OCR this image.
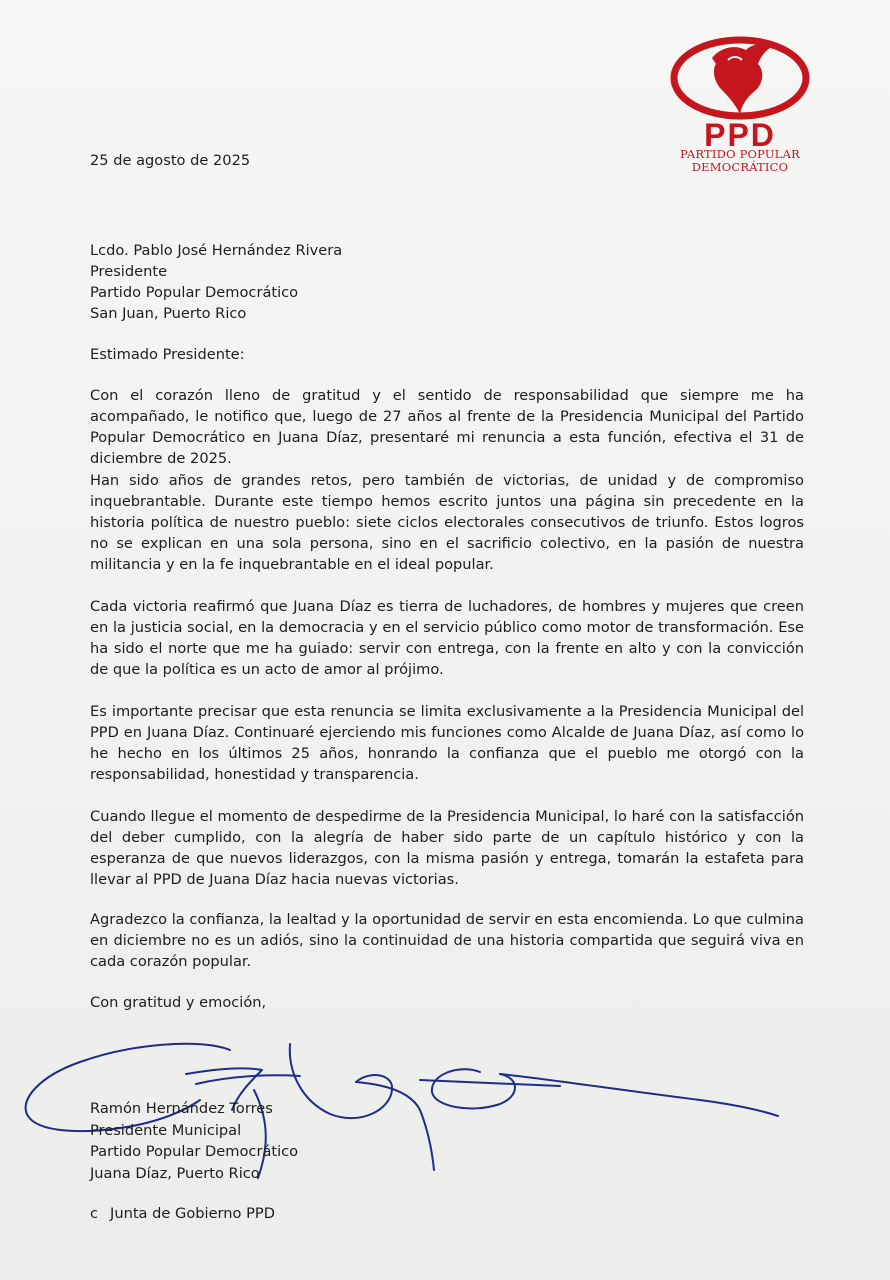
PPD
PARTIDO POPULAR
DEMOCRÁTICO
25 de agosto de 2025
Lcdo. Pablo José Hernández Rivera
Presidente
Partido Popular Democrático
San Juan, Puerto Rico
Estimado Presidente:

Con el corazón lleno de gratitud y el sentido de responsabilidad que siempre me ha acompañado, le notifico que, luego de 27 años al frente de la Presidencia Municipal del Partido Popular Democrático en Juana Díaz, presentaré mi renuncia a esta función, efectiva el 31 de diciembre de 2025.

Han sido años de grandes retos, pero también de victorias, de unidad y de compromiso inquebrantable. Durante este tiempo hemos escrito juntos una página sin precedente en la historia política de nuestro pueblo: siete ciclos electorales consecutivos de triunfo. Estos logros no se explican en una sola persona, sino en el sacrificio colectivo, en la pasión de nuestra militancia y en la fe inquebrantable en el ideal popular.

Cada victoria reafirmó que Juana Díaz es tierra de luchadores, de hombres y mujeres que creen en la justicia social, en la democracia y en el servicio público como motor de transformación. Ese ha sido el norte que me ha guiado: servir con entrega, con la frente en alto y con la convicción de que la política es un acto de amor al prójimo.

Es importante precisar que esta renuncia se limita exclusivamente a la Presidencia Municipal del PPD en Juana Díaz. Continuaré ejerciendo mis funciones como Alcalde de Juana Díaz, así como lo he hecho en los últimos 25 años, honrando la confianza que el pueblo me otorgó con la responsabilidad, honestidad y transparencia.

Cuando llegue el momento de despedirme de la Presidencia Municipal, lo haré con la satisfacción del deber cumplido, con la alegría de haber sido parte de un capítulo histórico y con la esperanza de que nuevos liderazgos, con la misma pasión y entrega, tomarán la estafeta para llevar al PPD de Juana Díaz hacia nuevas victorias.

Agradezco la confianza, la lealtad y la oportunidad de servir en esta encomienda. Lo que culmina en diciembre no es un adiós, sino la continuidad de una historia compartida que seguirá viva en cada corazón popular.

Con gratitud y emoción,
Ramón Hernández Torres
Presidente Municipal
Partido Popular Democrático
Juana Díaz, Puerto Rico
c Junta de Gobierno PPD
